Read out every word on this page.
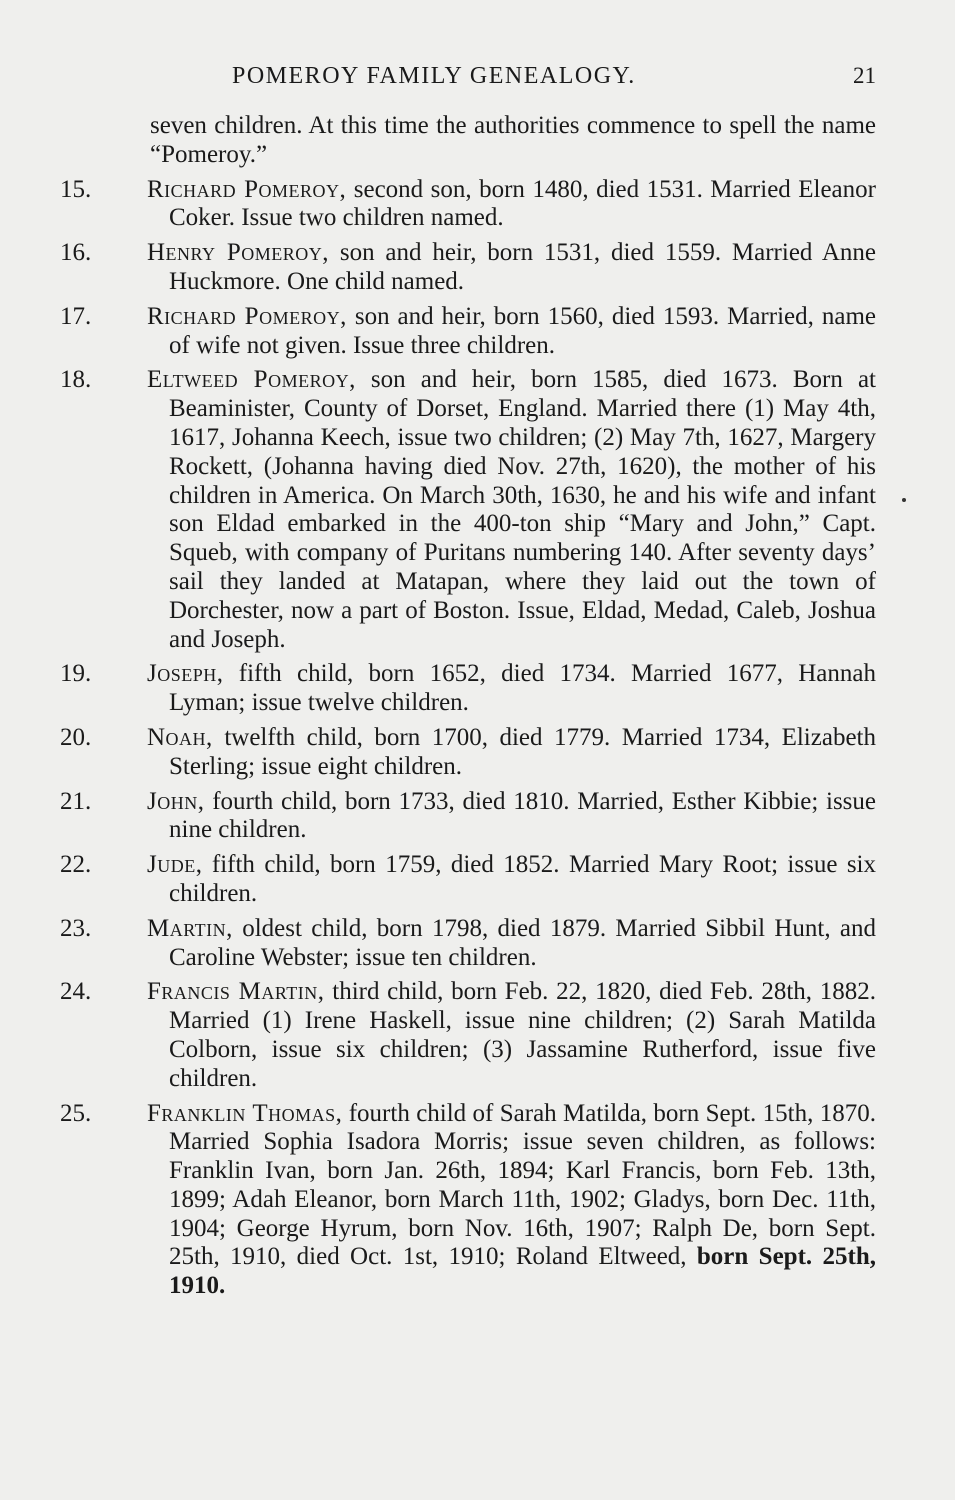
POMEROY FAMILY GENEALOGY.	21
seven children. At this time the authorities commence to spell the name “Pomeroy.”
15.	Richard Pomeroy, second son, born 1480, died 1531. Married Eleanor Coker. Issue two children named.
16.	Henry Pomeroy, son and heir, born 1531, died 1559. Married Anne Huckmore. One child named.
17.	Richard Pomeroy, son and heir, born 1560, died 1593. Married, name of wife not given. Issue three children.
18.	Eltweed Pomeroy, son and heir, born 1585, died 1673. Born at Beaminister, County of Dorset, England. Married there (1) May 4th, 1617, Johanna Keech, issue two children; (2) May 7th, 1627, Margery Rockett, (Johanna having died Nov. 27th, 1620), the mother of his children in America. On March 30th, 1630, he and his wife and infant son Eldad embarked in the 400-ton ship “Mary and John,” Capt. Squeb, with company of Puritans numbering 140. After seventy days’ sail they landed at Matapan, where they laid out the town of Dorchester, now a part of Boston. Issue, Eldad, Medad, Caleb, Joshua and Joseph.
19.	Joseph, fifth child, born 1652, died 1734. Married 1677, Hannah Lyman; issue twelve children.
20.	Noah, twelfth child, born 1700, died 1779. Married 1734, Elizabeth Sterling; issue eight children.
21.	John, fourth child, born 1733, died 1810. Married, Esther Kibbie; issue nine children.
22.	Jude, fifth child, born 1759, died 1852. Married Mary Root; issue six children.
23.	Martin, oldest child, born 1798, died 1879. Married Sibbil Hunt, and Caroline Webster; issue ten children.
24.	Francis Martin, third child, born Feb. 22, 1820, died Feb. 28th, 1882. Married (1) Irene Haskell, issue nine children; (2) Sarah Matilda Colborn, issue six children; (3) Jassamine Rutherford, issue five children.
25.	Franklin Thomas, fourth child of Sarah Matilda, born Sept. 15th, 1870. Married Sophia Isadora Morris; issue seven children, as follows: Franklin Ivan, born Jan. 26th, 1894; Karl Francis, born Feb. 13th, 1899; Adah Eleanor, born March 11th, 1902; Gladys, born Dec. 11th, 1904; George Hyrum, born Nov. 16th, 1907; Ralph De, born Sept. 25th, 1910, died Oct. 1st, 1910; Roland Eltweed, born Sept. 25th, 1910.
